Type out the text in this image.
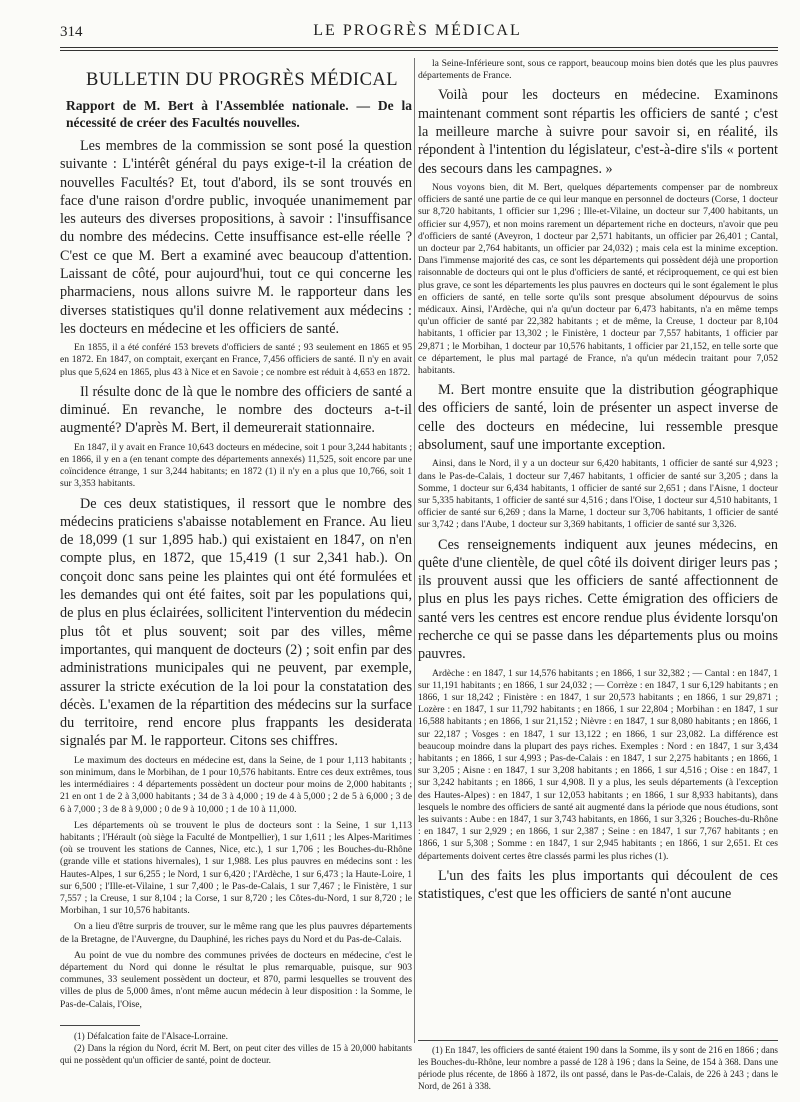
314	LE PROGRÈS MÉDICAL
BULLETIN DU PROGRÈS MÉDICAL

Rapport de M. Bert à l'Assemblée nationale. — De la nécessité de créer des Facultés nouvelles.

Les membres de la commission se sont posé la question suivante : L'intérêt général du pays exige-t-il la création de nouvelles Facultés? Et, tout d'abord, ils se sont trouvés en face d'une raison d'ordre public, invoquée unanimement par les auteurs des diverses propositions, à savoir : l'insuffisance du nombre des médecins. Cette insuffisance est-elle réelle ? C'est ce que M. Bert a examiné avec beaucoup d'attention. Laissant de côté, pour aujourd'hui, tout ce qui concerne les pharmaciens, nous allons suivre M. le rapporteur dans les diverses statistiques qu'il donne relativement aux médecins : les docteurs en médecine et les officiers de santé.

En 1855, il a été conféré 153 brevets d'officiers de santé ; 93 seulement en 1865 et 95 en 1872. En 1847, on comptait, exerçant en France, 7,456 officiers de santé. Il n'y en avait plus que 5,624 en 1865, plus 43 à Nice et en Savoie ; ce nombre est réduit à 4,653 en 1872.

Il résulte donc de là que le nombre des officiers de santé a diminué. En revanche, le nombre des docteurs a-t-il augmenté? D'après M. Bert, il demeurerait stationnaire.

En 1847, il y avait en France 10,643 docteurs en médecine, soit 1 pour 3,244 habitants ; en 1866, il y en a (en tenant compte des départements annexés) 11,525, soit encore par une coïncidence étrange, 1 sur 3,244 habitants; en 1872 (1) il n'y en a plus que 10,766, soit 1 sur 3,353 habitants.

De ces deux statistiques, il ressort que le nombre des médecins praticiens s'abaisse notablement en France. Au lieu de 18,099 (1 sur 1,895 hab.) qui existaient en 1847, on n'en compte plus, en 1872, que 15,419 (1 sur 2,341 hab.). On conçoit donc sans peine les plaintes qui ont été formulées et les demandes qui ont été faites, soit par les populations qui, de plus en plus éclairées, sollicitent l'intervention du médecin plus tôt et plus souvent; soit par des villes, même importantes, qui manquent de docteurs (2) ; soit enfin par des administrations municipales qui ne peuvent, par exemple, assurer la stricte exécution de la loi pour la constatation des décès. L'examen de la répartition des médecins sur la surface du territoire, rend encore plus frappants les desiderata signalés par M. le rapporteur. Citons ses chiffres.

Le maximum des docteurs en médecine est, dans la Seine, de 1 pour 1,113 habitants ; son minimum, dans le Morbihan, de 1 pour 10,576 habitants. Entre ces deux extrêmes, tous les intermédiaires : 4 départements possèdent un docteur pour moins de 2,000 habitants ; 21 en ont 1 de 2 à 3,000 habitants ; 34 de 3 à 4,000 ; 19 de 4 à 5,000 ; 2 de 5 à 6,000 ; 3 de 6 à 7,000 ; 3 de 8 à 9,000 ; 0 de 9 à 10,000 ; 1 de 10 à 11,000.

Les départements où se trouvent le plus de docteurs sont : la Seine, 1 sur 1,113 habitants ; l'Hérault (où siège la Faculté de Montpellier), 1 sur 1,611 ; les Alpes-Maritimes (où se trouvent les stations de Cannes, Nice, etc.), 1 sur 1,706 ; les Bouches-du-Rhône (grande ville et stations hivernales), 1 sur 1,988. Les plus pauvres en médecins sont : les Hautes-Alpes, 1 sur 6,255 ; le Nord, 1 sur 6,420 ; l'Ardèche, 1 sur 6,473 ; la Haute-Loire, 1 sur 6,500 ; l'Ille-et-Vilaine, 1 sur 7,400 ; le Pas-de-Calais, 1 sur 7,467 ; le Finistère, 1 sur 7,557 ; la Creuse, 1 sur 8,104 ; la Corse, 1 sur 8,720 ; les Côtes-du-Nord, 1 sur 8,720 ; le Morbihan, 1 sur 10,576 habitants.

On a lieu d'être surpris de trouver, sur le même rang que les plus pauvres départements de la Bretagne, de l'Auvergne, du Dauphiné, les riches pays du Nord et du Pas-de-Calais.

Au point de vue du nombre des communes privées de docteurs en médecine, c'est le département du Nord qui donne le résultat le plus remarquable, puisque, sur 903 communes, 33 seulement possèdent un docteur, et 870, parmi lesquelles se trouvent des villes de plus de 5,000 âmes, n'ont même aucun médecin à leur disposition : la Somme, le Pas-de-Calais, l'Oise,

la Seine-Inférieure sont, sous ce rapport, beaucoup moins bien dotés que les plus pauvres départements de France.

Voilà pour les docteurs en médecine. Examinons maintenant comment sont répartis les officiers de santé ; c'est la meilleure marche à suivre pour savoir si, en réalité, ils répondent à l'intention du législateur, c'est-à-dire s'ils « portent des secours dans les campagnes. »

Nous voyons bien, dit M. Bert, quelques départements compenser par de nombreux officiers de santé une partie de ce qui leur manque en personnel de docteurs (Corse, 1 docteur sur 8,720 habitants, 1 officier sur 1,296 ; Ille-et-Vilaine, un docteur sur 7,400 habitants, un officier sur 4,957), et non moins rarement un département riche en docteurs, n'avoir que peu d'officiers de santé (Aveyron, 1 docteur par 2,571 habitants, un officier par 26,401 ; Cantal, un docteur par 2,764 habitants, un officier par 24,032) ; mais cela est la minime exception. Dans l'immense majorité des cas, ce sont les départements qui possèdent déjà une proportion raisonnable de docteurs qui ont le plus d'officiers de santé, et réciproquement, ce qui est bien plus grave, ce sont les départements les plus pauvres en docteurs qui le sont également le plus en officiers de santé, en telle sorte qu'ils sont presque absolument dépourvus de soins médicaux. Ainsi, l'Ardèche, qui n'a qu'un docteur par 6,473 habitants, n'a en même temps qu'un officier de santé par 22,382 habitants ; et de même, la Creuse, 1 docteur par 8,104 habitants, 1 officier par 13,302 ; le Finistère, 1 docteur par 7,557 habitants, 1 officier par 29,871 ; le Morbihan, 1 docteur par 10,576 habitants, 1 officier par 21,152, en telle sorte que ce département, le plus mal partagé de France, n'a qu'un médecin traitant pour 7,052 habitants.

M. Bert montre ensuite que la distribution géographique des officiers de santé, loin de présenter un aspect inverse de celle des docteurs en médecine, lui ressemble presque absolument, sauf une importante exception.

Ainsi, dans le Nord, il y a un docteur sur 6,420 habitants, 1 officier de santé sur 4,923 ; dans le Pas-de-Calais, 1 docteur sur 7,467 habitants, 1 officier de santé sur 3,205 ; dans la Somme, 1 docteur sur 6,434 habitants, 1 officier de santé sur 2,651 ; dans l'Aisne, 1 docteur sur 5,335 habitants, 1 officier de santé sur 4,516 ; dans l'Oise, 1 docteur sur 4,510 habitants, 1 officier de santé sur 6,269 ; dans la Marne, 1 docteur sur 3,706 habitants, 1 officier de santé sur 3,742 ; dans l'Aube, 1 docteur sur 3,369 habitants, 1 officier de santé sur 3,326.

Ces renseignements indiquent aux jeunes médecins, en quête d'une clientèle, de quel côté ils doivent diriger leurs pas ; ils prouvent aussi que les officiers de santé affectionnent de plus en plus les pays riches. Cette émigration des officiers de santé vers les centres est encore rendue plus évidente lorsqu'on recherche ce qui se passe dans les départements plus ou moins pauvres.

Ardèche : en 1847, 1 sur 14,576 habitants ; en 1866, 1 sur 32,382 ; — Cantal : en 1847, 1 sur 11,191 habitants ; en 1866, 1 sur 24,032 ; — Corrèze : en 1847, 1 sur 6,129 habitants ; en 1866, 1 sur 18,242 ; Finistère : en 1847, 1 sur 20,573 habitants ; en 1866, 1 sur 29,871 ; Lozère : en 1847, 1 sur 11,792 habitants ; en 1866, 1 sur 22,804 ; Morbihan : en 1847, 1 sur 16,588 habitants ; en 1866, 1 sur 21,152 ; Nièvre : en 1847, 1 sur 8,080 habitants ; en 1866, 1 sur 22,187 ; Vosges : en 1847, 1 sur 13,122 ; en 1866, 1 sur 23,082. La différence est beaucoup moindre dans la plupart des pays riches. Exemples : Nord : en 1847, 1 sur 3,434 habitants ; en 1866, 1 sur 4,993 ; Pas-de-Calais : en 1847, 1 sur 2,275 habitants ; en 1866, 1 sur 3,205 ; Aisne : en 1847, 1 sur 3,208 habitants ; en 1866, 1 sur 4,516 ; Oise : en 1847, 1 sur 3,242 habitants ; en 1866, 1 sur 4,908. Il y a plus, les seuls départements (à l'exception des Hautes-Alpes) : en 1847, 1 sur 12,053 habitants ; en 1866, 1 sur 8,933 habitants), dans lesquels le nombre des officiers de santé ait augmenté dans la période que nous étudions, sont les suivants : Aube : en 1847, 1 sur 3,743 habitants, en 1866, 1 sur 3,326 ; Bouches-du-Rhône : en 1847, 1 sur 2,929 ; en 1866, 1 sur 2,387 ; Seine : en 1847, 1 sur 7,767 habitants ; en 1866, 1 sur 5,308 ; Somme : en 1847, 1 sur 2,945 habitants ; en 1866, 1 sur 2,651. Et ces départements doivent certes être classés parmi les plus riches (1).

L'un des faits les plus importants qui découlent de ces statistiques, c'est que les officiers de santé n'ont aucune

(1) Défalcation faite de l'Alsace-Lorraine.

(2) Dans la région du Nord, écrit M. Bert, on peut citer des villes de 15 à 20,000 habitants qui ne possèdent qu'un officier de santé, point de docteur.

(1) En 1847, les officiers de santé étaient 190 dans la Somme, ils y sont de 216 en 1866 ; dans les Bouches-du-Rhône, leur nombre a passé de 128 à 196 ; dans la Seine, de 154 à 368. Dans une période plus récente, de 1866 à 1872, ils ont passé, dans le Pas-de-Calais, de 226 à 243 ; dans le Nord, de 261 à 338.
